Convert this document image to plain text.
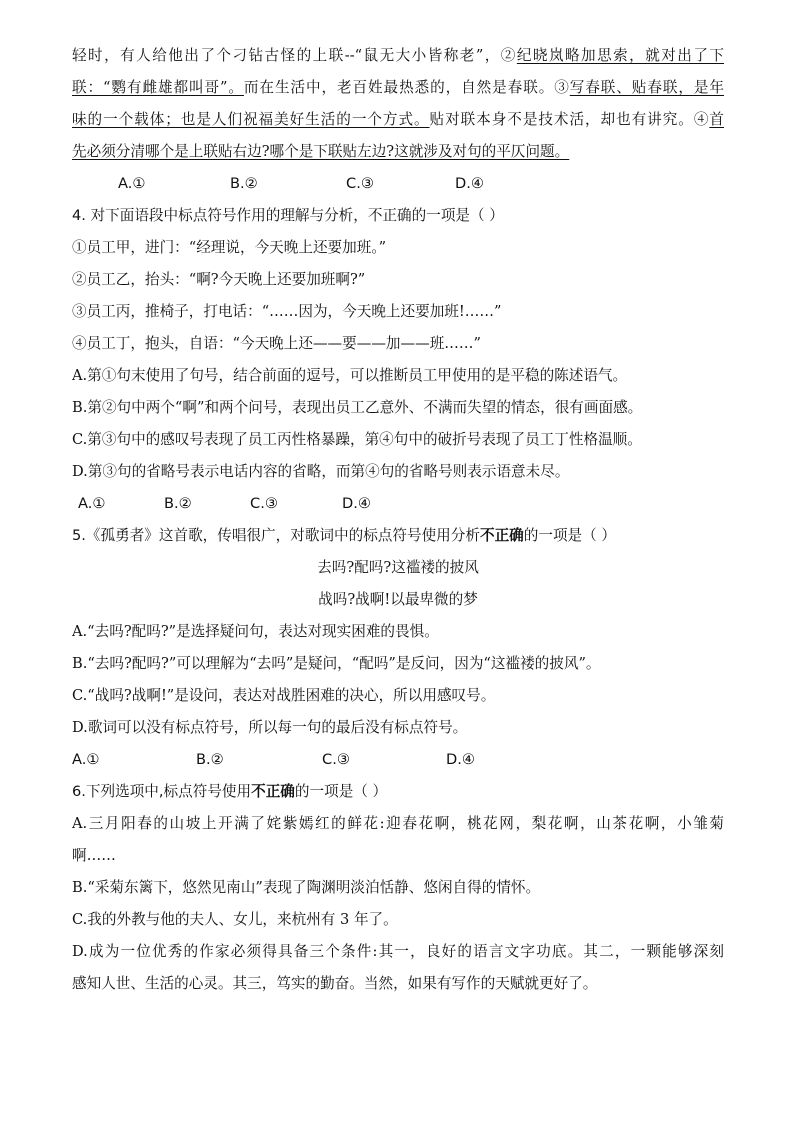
轻时，有人给他出了个刁钻古怪的上联--“鼠无大小皆称老”，②纪晓岚略加思索，就对出了下
联：“鹦有雌雄都叫哥”。而在生活中，老百姓最热悉的，自然是春联。③写春联、贴春联，是年
味的一个载体；也是人们祝福美好生活的一个方式。贴对联本身不是技术活，却也有讲究。④首
先必须分清哪个是上联贴右边?哪个是下联贴左边?这就涉及对句的平仄问题。
A.①	B.②	C.③	D.④
4. 对下面语段中标点符号作用的理解与分析，不正确的一项是（ ）
①员工甲，进门：“经理说，今天晚上还要加班。”
②员工乙，抬头：“啊?今天晚上还要加班啊?”
③员工丙，推椅子，打电话：“……因为，今天晚上还要加班!……”
④员工丁，抱头，自语：“今天晚上还——要——加——班……”
A.第①句末使用了句号，结合前面的逗号，可以推断员工甲使用的是平稳的陈述语气。
B.第②句中两个“啊”和两个问号，表现出员工乙意外、不满而失望的情态，很有画面感。
C.第③句中的感叹号表现了员工丙性格暴躁，第④句中的破折号表现了员工丁性格温顺。
D.第③句的省略号表示电话内容的省略，而第④句的省略号则表示语意未尽。
A.①	B.②	C.③	D.④
5.《孤勇者》这首歌，传唱很广，对歌词中的标点符号使用分析不正确的一项是（ ）
去吗?配吗?这褴褛的披风
战吗?战啊!以最卑微的梦
A.“去吗?配吗?”是选择疑问句，表达对现实困难的畏惧。
B.“去吗?配吗?”可以理解为“去吗”是疑问，“配吗”是反问，因为“这褴褛的披风”。
C.“战吗?战啊!”是设问，表达对战胜困难的决心，所以用感叹号。
D.歌词可以没有标点符号，所以每一句的最后没有标点符号。
A.①	B.②	C.③	D.④
6.下列选项中,标点符号使用不正确的一项是（ ）
A.三月阳春的山坡上开满了姹紫嫣红的鲜花:迎春花啊，桃花网，梨花啊，山茶花啊，小雏菊
啊……
B.“采菊东篱下，悠然见南山”表现了陶渊明淡泊恬静、悠闲自得的情怀。
C.我的外教与他的夫人、女儿，来杭州有 3 年了。
D.成为一位优秀的作家必须得具备三个条件:其一，良好的语言文字功底。其二，一颗能够深刻
感知人世、生活的心灵。其三，笃实的勤奋。当然，如果有写作的天赋就更好了。
